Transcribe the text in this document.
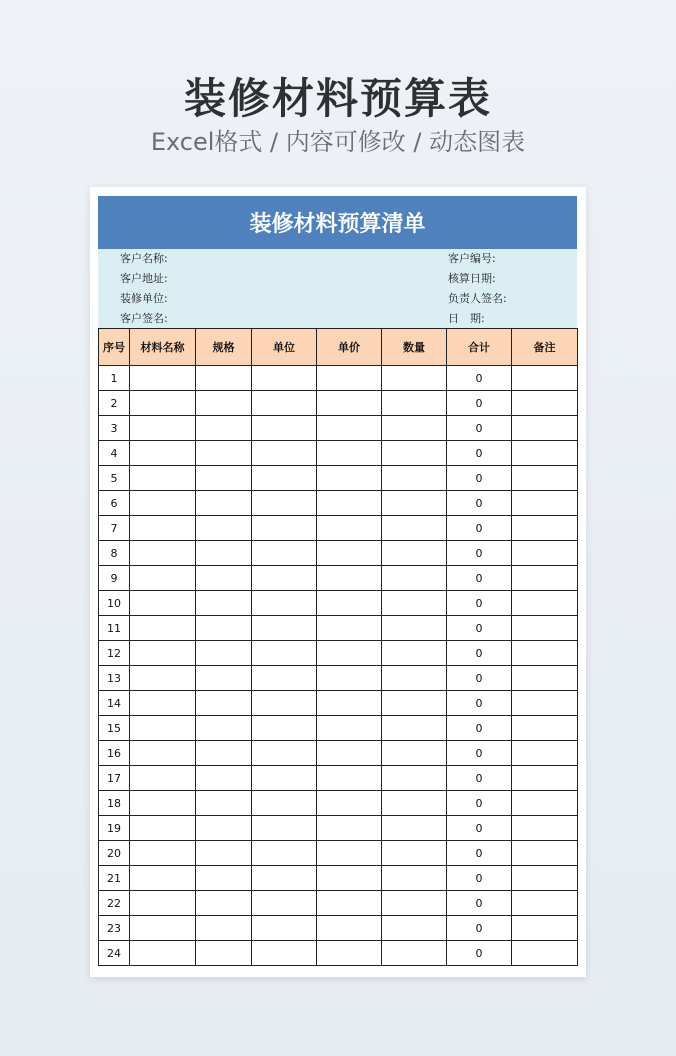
装修材料预算表
Excel格式 / 内容可修改 / 动态图表
装修材料预算清单
客户名称:	客户编号:
客户地址:	核算日期:
装修单位:	负责人签名:
客户签名:	日　期:
序号	材料名称	规格	单位	单价	数量	合计	备注
1						0	
2						0	
3						0	
4						0	
5						0	
6						0	
7						0	
8						0	
9						0	
10						0	
11						0	
12						0	
13						0	
14						0	
15						0	
16						0	
17						0	
18						0	
19						0	
20						0	
21						0	
22						0	
23						0	
24						0	
